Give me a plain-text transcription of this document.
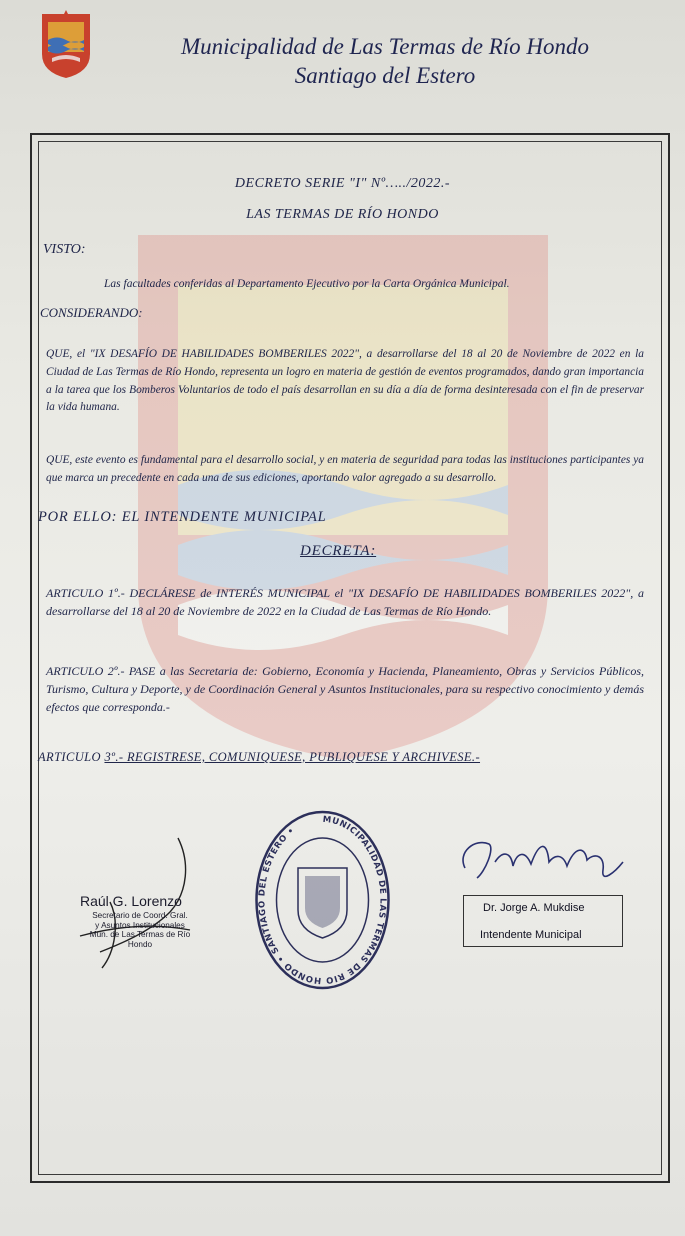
Municipalidad de Las Termas de Río Hondo
Santiago del Estero
DECRETO SERIE "I" Nº…../2022.-
LAS TERMAS DE RÍO HONDO
VISTO:
Las facultades conferidas al Departamento Ejecutivo por la Carta Orgánica Municipal.
CONSIDERANDO:
QUE, el "IX DESAFÍO DE HABILIDADES BOMBERILES 2022", a desarrollarse del 18 al 20 de Noviembre de 2022 en la Ciudad de Las Termas de Río Hondo, representa un logro en materia de gestión de eventos programados, dando gran importancia a la tarea que los Bomberos Voluntarios de todo el país desarrollan en su día a día de forma desinteresada con el fin de preservar la vida humana.
QUE, este evento es fundamental para el desarrollo social, y en materia de seguridad para todas las instituciones participantes ya que marca un precedente en cada una de sus ediciones, aportando valor agregado a su desarrollo.
POR ELLO: EL INTENDENTE MUNICIPAL
DECRETA:
ARTICULO 1º.- DECLÁRESE de INTERÉS MUNICIPAL el "IX DESAFÍO DE HABILIDADES BOMBERILES 2022", a desarrollarse del 18 al 20 de Noviembre de 2022 en la Ciudad de Las Termas de Río Hondo.
ARTICULO 2º.- PASE a las Secretaria de: Gobierno, Economía y Hacienda, Planeamiento, Obras y Servicios Públicos, Turismo, Cultura y Deporte, y de Coordinación General y Asuntos Institucionales, para su respectivo conocimiento y demás efectos que corresponda.-
ARTICULO 3º.- REGISTRESE, COMUNIQUESE, PUBLIQUESE Y ARCHIVESE.-
Raúl G. Lorenzo
Secretario de Coord. Gral.
y Asuntos Institucionales
Mun. de Las Termas de Río Hondo
MUNICIPALIDAD DE LAS TERMAS DE RIO HONDO • SANTIAGO DEL ESTERO •
Dr. Jorge A. Mukdise
Intendente Municipal
